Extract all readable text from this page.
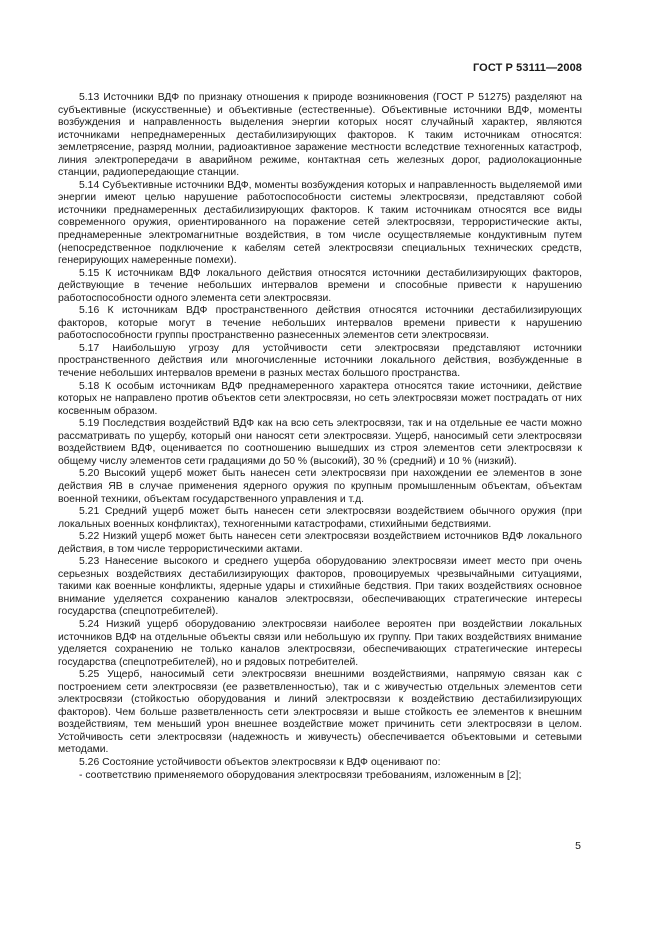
ГОСТ Р 53111—2008

5.13 Источники ВДФ по признаку отношения к природе возникновения (ГОСТ Р 51275) разделяют на субъективные (искусственные) и объективные (естественные). Объективные источники ВДФ, моменты возбуждения и направленность выделения энергии которых носят случайный характер, являются источниками непреднамеренных дестабилизирующих факторов. К таким источникам относятся: землетрясение, разряд молнии, радиоактивное заражение местности вследствие техногенных катастроф, линия электропередачи в аварийном режиме, контактная сеть железных дорог, радиолокационные станции, радиопередающие станции.

5.14 Субъективные источники ВДФ, моменты возбуждения которых и направленность выделяемой ими энергии имеют целью нарушение работоспособности системы электросвязи, представляют собой источники преднамеренных дестабилизирующих факторов. К таким источникам относятся все виды современного оружия, ориентированного на поражение сетей электросвязи, террористические акты, преднамеренные электромагнитные воздействия, в том числе осуществляемые кондуктивным путем (непосредственное подключение к кабелям сетей электросвязи специальных технических средств, генерирующих намеренные помехи).

5.15 К источникам ВДФ локального действия относятся источники дестабилизирующих факторов, действующие в течение небольших интервалов времени и способные привести к нарушению работоспособности одного элемента сети электросвязи.

5.16 К источникам ВДФ пространственного действия относятся источники дестабилизирующих факторов, которые могут в течение небольших интервалов времени привести к нарушению работоспособности группы пространственно разнесенных элементов сети электросвязи.

5.17 Наибольшую угрозу для устойчивости сети электросвязи представляют источники пространственного действия или многочисленные источники локального действия, возбужденные в течение небольших интервалов времени в разных местах большого пространства.

5.18 К особым источникам ВДФ преднамеренного характера относятся такие источники, действие которых не направлено против объектов сети электросвязи, но сеть электросвязи может пострадать от них косвенным образом.

5.19 Последствия воздействий ВДФ как на всю сеть электросвязи, так и на отдельные ее части можно рассматривать по ущербу, который они наносят сети электросвязи. Ущерб, наносимый сети электросвязи воздействием ВДФ, оценивается по соотношению вышедших из строя элементов сети электросвязи к общему числу элементов сети градациями до 50 % (высокий), 30 % (средний) и 10 % (низкий).

5.20 Высокий ущерб может быть нанесен сети электросвязи при нахождении ее элементов в зоне действия ЯВ в случае применения ядерного оружия по крупным промышленным объектам, объектам военной техники, объектам государственного управления и т.д.

5.21 Средний ущерб может быть нанесен сети электросвязи воздействием обычного оружия (при локальных военных конфликтах), техногенными катастрофами, стихийными бедствиями.

5.22 Низкий ущерб может быть нанесен сети электросвязи воздействием источников ВДФ локального действия, в том числе террористическими актами.

5.23 Нанесение высокого и среднего ущерба оборудованию электросвязи имеет место при очень серьезных воздействиях дестабилизирующих факторов, провоцируемых чрезвычайными ситуациями, такими как военные конфликты, ядерные удары и стихийные бедствия. При таких воздействиях основное внимание уделяется сохранению каналов электросвязи, обеспечивающих стратегические интересы государства (спецпотребителей).

5.24 Низкий ущерб оборудованию электросвязи наиболее вероятен при воздействии локальных источников ВДФ на отдельные объекты связи или небольшую их группу. При таких воздействиях внимание уделяется сохранению не только каналов электросвязи, обеспечивающих стратегические интересы государства (спецпотребителей), но и рядовых потребителей.

5.25 Ущерб, наносимый сети электросвязи внешними воздействиями, напрямую связан как с построением сети электросвязи (ее разветвленностью), так и с живучестью отдельных элементов сети электросвязи (стойкостью оборудования и линий электросвязи к воздействию дестабилизирующих факторов). Чем больше разветвленность сети электросвязи и выше стойкость ее элементов к внешним воздействиям, тем меньший урон внешнее воздействие может причинить сети электросвязи в целом. Устойчивость сети электросвязи (надежность и живучесть) обеспечивается объектовыми и сетевыми методами.

5.26 Состояние устойчивости объектов электросвязи к ВДФ оценивают по:

- соответствию применяемого оборудования электросвязи требованиям, изложенным в [2];

5
